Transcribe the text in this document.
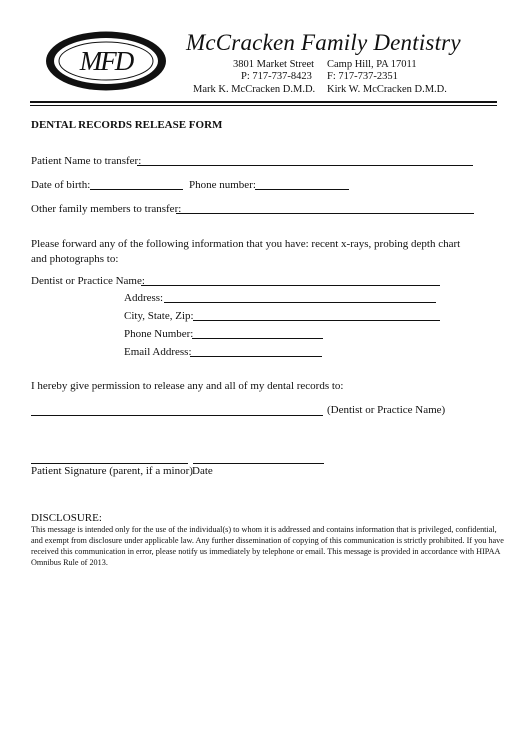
MFD
McCracken Family Dentistry
3801 Market Street Camp Hill, PA 17011
P: 717-737-8423 F: 717-737-2351
Mark K. McCracken D.M.D. Kirk W. McCracken D.M.D.
DENTAL RECORDS RELEASE FORM
Patient Name to transfer:
Date of birth:	Phone number:
Other family members to transfer:
Please forward any of the following information that you have: recent x-rays, probing depth chart and photographs to:
Dentist or Practice Name:
Address:
City, State, Zip:
Phone Number:
Email Address:
I hereby give permission to release any and all of my dental records to:
(Dentist or Practice Name)
Patient Signature (parent, if a minor) Date
DISCLOSURE:
This message is intended only for the use of the individual(s) to whom it is addressed and contains information that is privileged, confidential, and exempt from disclosure under applicable law. Any further dissemination of copying of this communication is strictly prohibited. If you have received this communication in error, please notify us immediately by telephone or email. This message is provided in accordance with HIPAA Omnibus Rule of 2013.
